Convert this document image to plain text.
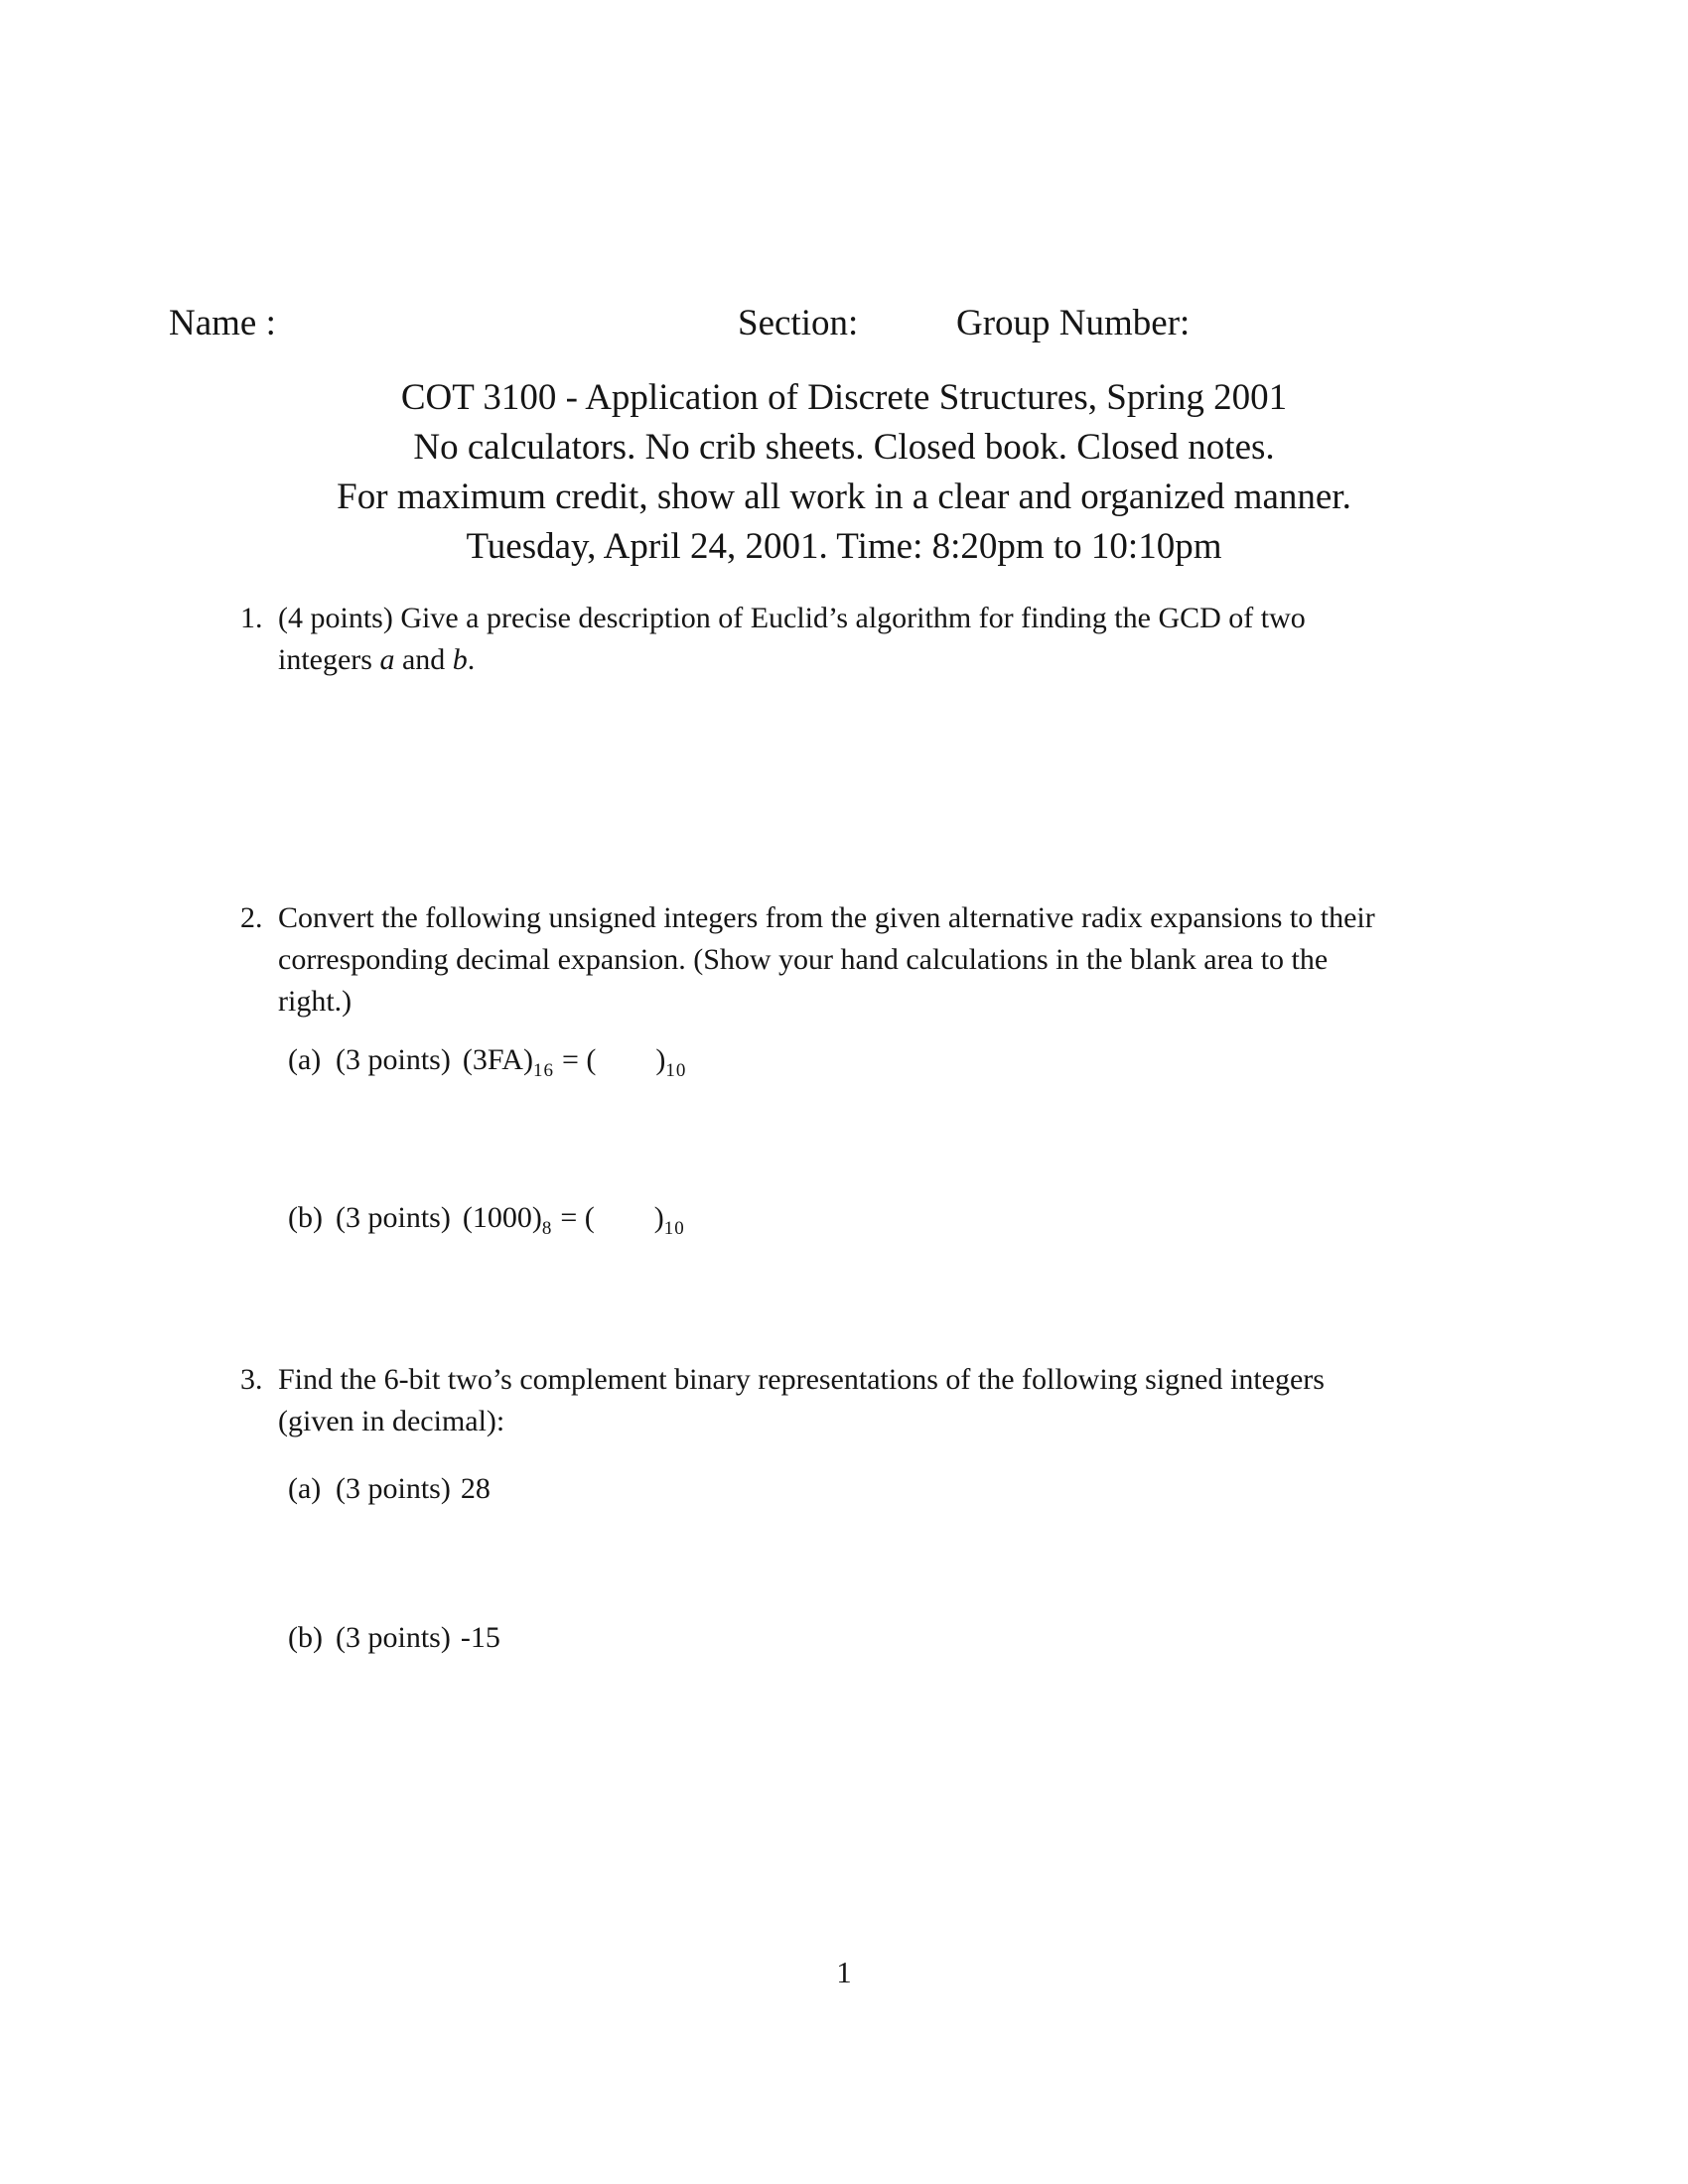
Name :	Section:	Group Number:
COT 3100 - Application of Discrete Structures, Spring 2001
No calculators. No crib sheets. Closed book. Closed notes.
For maximum credit, show all work in a clear and organized manner.
Tuesday, April 24, 2001. Time: 8:20pm to 10:10pm
1. (4 points) Give a precise description of Euclid’s algorithm for finding the GCD of two
integers a and b.
2. Convert the following unsigned integers from the given alternative radix expansions to their
corresponding decimal expansion. (Show your hand calculations in the blank area to the
right.)
(a) (3 points) $(3FA)_{16}$ = ( )$_{10}$
(b) (3 points) $(1000)_8$ = ( )$_{10}$
3. Find the 6-bit two’s complement binary representations of the following signed integers
(given in decimal):
(a) (3 points) 28
(b) (3 points) -15
1
